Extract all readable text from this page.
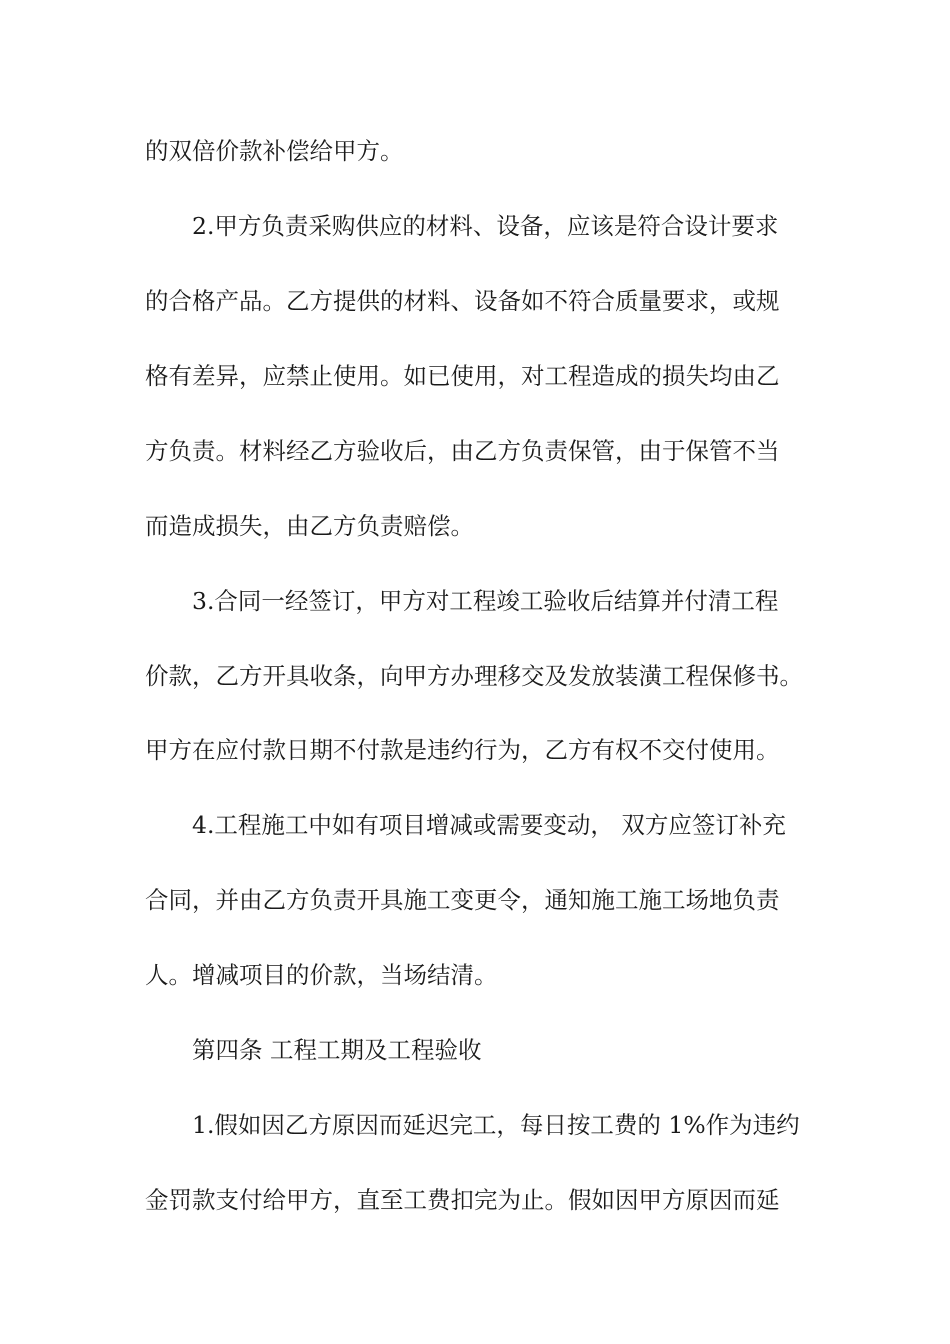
的双倍价款补偿给甲方。

2.甲方负责采购供应的材料、设备，应该是符合设计要求

的合格产品。乙方提供的材料、设备如不符合质量要求，或规

格有差异，应禁止使用。如已使用，对工程造成的损失均由乙

方负责。材料经乙方验收后，由乙方负责保管，由于保管不当

而造成损失，由乙方负责赔偿。

3.合同一经签订，甲方对工程竣工验收后结算并付清工程

价款，乙方开具收条，向甲方办理移交及发放装潢工程保修书。

甲方在应付款日期不付款是违约行为，乙方有权不交付使用。

4.工程施工中如有项目增减或需要变动， 双方应签订补充

合同，并由乙方负责开具施工变更令，通知施工施工场地负责

人。增减项目的价款，当场结清。

第四条 工程工期及工程验收

1.假如因乙方原因而延迟完工，每日按工费的 1%作为违约

金罚款支付给甲方，直至工费扣完为止。假如因甲方原因而延
